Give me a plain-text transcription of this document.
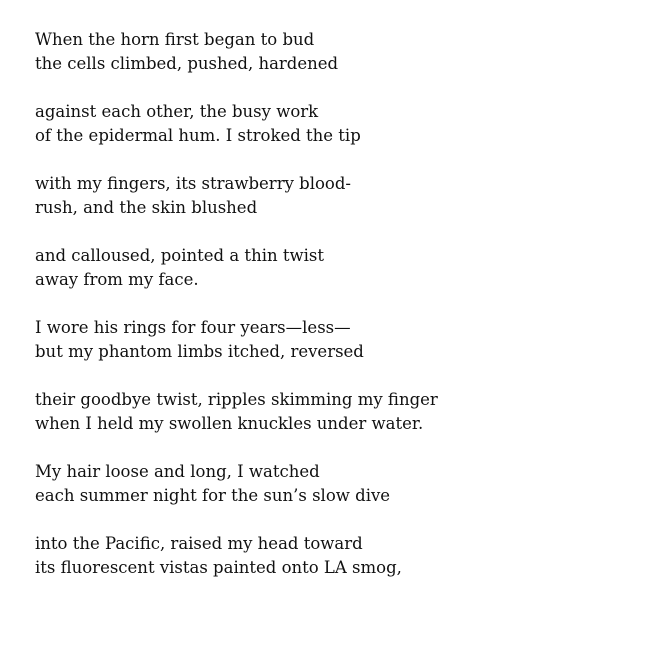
When the horn first began to bud
the cells climbed, pushed, hardened
against each other, the busy work
of the epidermal hum. I stroked the tip
with my fingers, its strawberry blood-
rush, and the skin blushed
and calloused, pointed a thin twist
away from my face.
I wore his rings for four years—less—
but my phantom limbs itched, reversed
their goodbye twist, ripples skimming my finger
when I held my swollen knuckles under water.
My hair loose and long, I watched
each summer night for the sun’s slow dive
into the Pacific, raised my head toward
its fluorescent vistas painted onto LA smog,
